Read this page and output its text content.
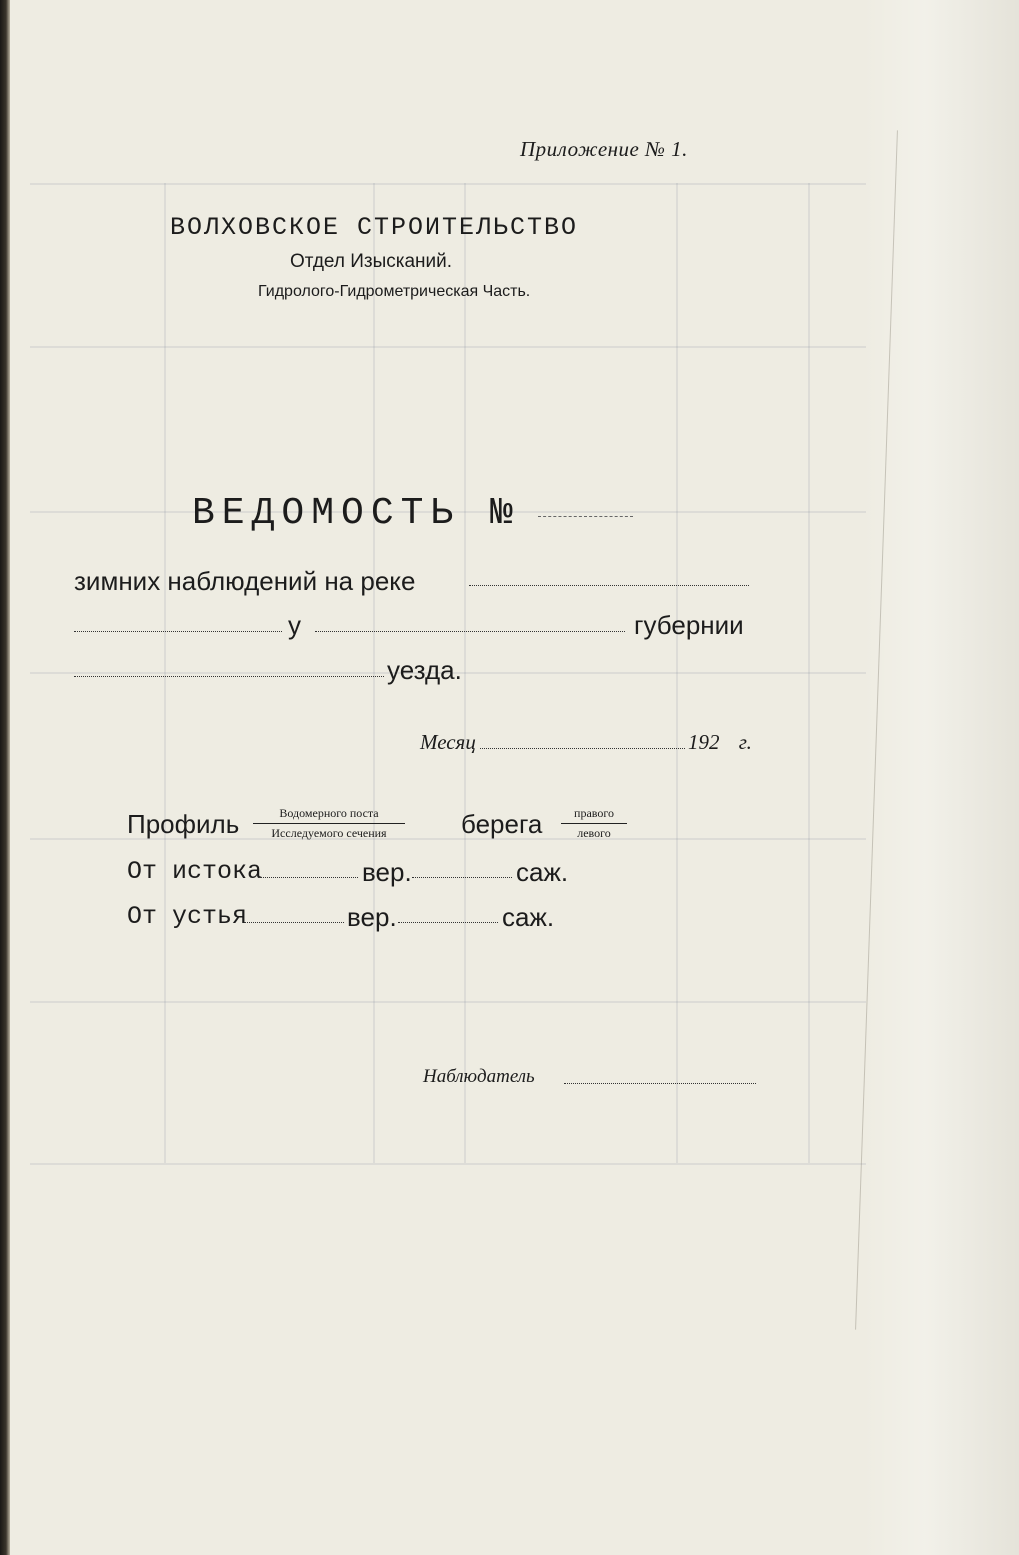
Приложение № 1.
ВОЛХОВСКОЕ СТРОИТЕЛЬСТВО
Отдел Изысканий.
Гидролого-Гидрометрическая Часть.
ВЕДОМОСТЬ №
зимних наблюдений на реке
у	губернии
уезда.
Месяц	192 г.
Профиль	Водомерного поста
Исследуемого сечения	берега	правого
левого
От истока	вер.	саж.
От устья	вер.	саж.
Наблюдатель
